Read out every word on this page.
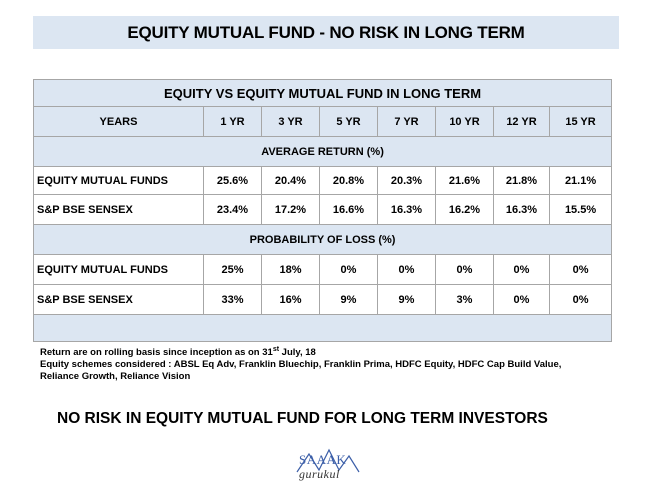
EQUITY MUTUAL FUND - NO RISK IN LONG TERM
EQUITY VS EQUITY MUTUAL FUND IN LONG TERM							
YEARS	1 YR	3 YR	5 YR	7 YR	10 YR	12 YR	15 YR
AVERAGE RETURN (%)							
EQUITY MUTUAL FUNDS	25.6%	20.4%	20.8%	20.3%	21.6%	21.8%	21.1%
S&P BSE SENSEX	23.4%	17.2%	16.6%	16.3%	16.2%	16.3%	15.5%
PROBABILITY OF LOSS (%)							
EQUITY MUTUAL FUNDS	25%	18%	0%	0%	0%	0%	0%
S&P BSE SENSEX	33%	16%	9%	9%	3%	0%	0%

Return are on rolling basis since inception as on 31st July, 18
Equity schemes considered : ABSL Eq Adv, Franklin Bluechip, Franklin Prima, HDFC Equity, HDFC Cap Build Value, Reliance Growth, Reliance Vision
NO RISK IN EQUITY MUTUAL FUND FOR LONG TERM INVESTORS
SAAAK
gurukul
